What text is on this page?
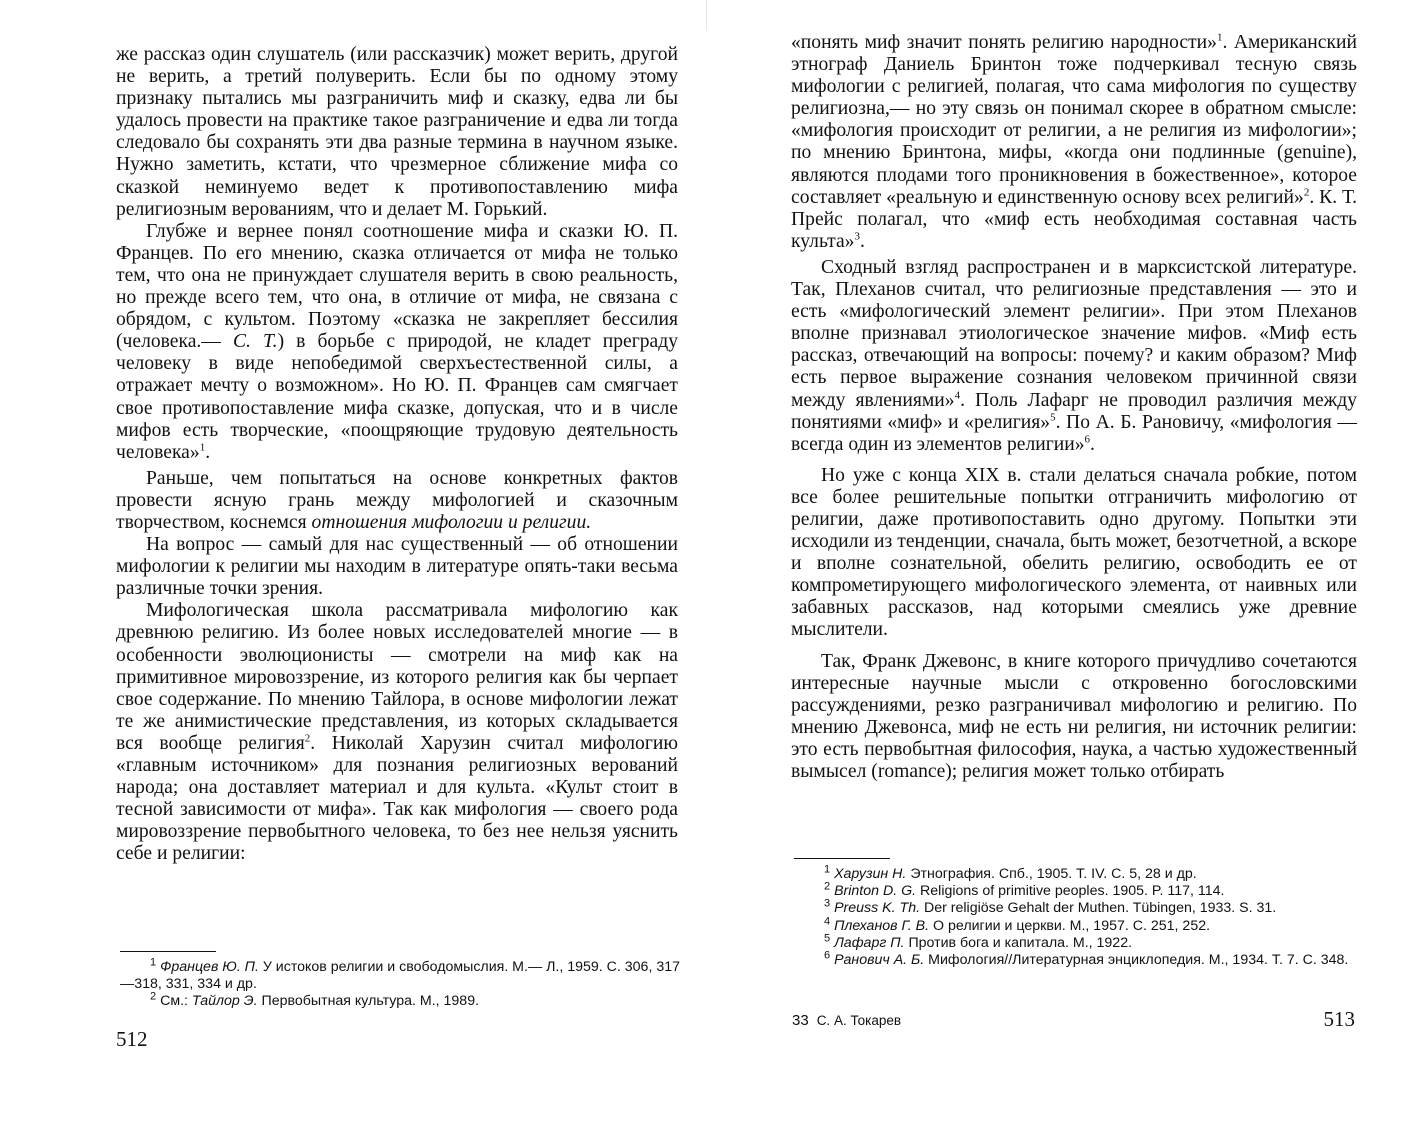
же рассказ один слушатель (или рассказчик) может верить, другой не верить, а третий полуверить. Если бы по одному этому признаку пытались мы разграничить миф и сказку, едва ли бы удалось провести на практике такое разграничение и едва ли тогда следовало бы сохранять эти два разные термина в научном языке. Нужно заметить, кстати, что чрезмерное сближение мифа со сказкой неминуемо ведет к противопоставлению мифа религиозным верованиям, что и делает М. Горький.

Глубже и вернее понял соотношение мифа и сказки Ю. П. Францев. По его мнению, сказка отличается от мифа не только тем, что она не принуждает слушателя верить в свою реальность, но прежде всего тем, что она, в отличие от мифа, не связана с обрядом, с культом. Поэтому «сказка не закрепляет бессилия (человека.— С. Т.) в борьбе с природой, не кладет преграду человеку в виде непобедимой сверхъестественной силы, а отражает мечту о возможном». Но Ю. П. Францев сам смягчает свое противопоставление мифа сказке, допуская, что и в числе мифов есть творческие, «поощряющие трудовую деятельность человека»$^1$.

Раньше, чем попытаться на основе конкретных фактов провести ясную грань между мифологией и сказочным творчеством, коснемся отношения мифологии и религии.

На вопрос — самый для нас существенный — об отношении мифологии к религии мы находим в литературе опять-таки весьма различные точки зрения.

Мифологическая школа рассматривала мифологию как древнюю религию. Из более новых исследователей многие — в особенности эволюционисты — смотрели на миф как на примитивное мировоззрение, из которого религия как бы черпает свое содержание. По мнению Тайлора, в основе мифологии лежат те же анимистические представления, из которых складывается вся вообще религия$^2$. Николай Харузин считал мифологию «главным источником» для познания религиозных верований народа; она доставляет материал и для культа. «Культ стоит в тесной зависимости от мифа». Так как мифология — своего рода мировоззрение первобытного человека, то без нее нельзя уяснить себе и религии:

$^1$ Францев Ю. П. У истоков религии и свободомыслия. М.— Л., 1959. С. 306, 317—318, 331, 334 и др.
$^2$ См.: Тайлор Э. Первобытная культура. М., 1989.
512

«понять миф значит понять религию народности»$^1$. Американский этнограф Даниель Бринтон тоже подчеркивал тесную связь мифологии с религией, полагая, что сама мифология по существу религиозна,— но эту связь он понимал скорее в обратном смысле: «мифология происходит от религии, а не религия из мифологии»; по мнению Бринтона, мифы, «когда они подлинные (genuine), являются плодами того проникновения в божественное», которое составляет «реальную и единственную основу всех религий»$^2$. К. Т. Прейс полагал, что «миф есть необходимая составная часть культа»$^3$.

Сходный взгляд распространен и в марксистской литературе. Так, Плеханов считал, что религиозные представления — это и есть «мифологический элемент религии». При этом Плеханов вполне признавал этиологическое значение мифов. «Миф есть рассказ, отвечающий на вопросы: почему? и каким образом? Миф есть первое выражение сознания человеком причинной связи между явлениями»$^4$. Поль Лафарг не проводил различия между понятиями «миф» и «религия»$^5$. По А. Б. Рановичу, «мифология — всегда один из элементов религии»$^6$.

Но уже с конца XIX в. стали делаться сначала робкие, потом все более решительные попытки отграничить мифологию от религии, даже противопоставить одно другому. Попытки эти исходили из тенденции, сначала, быть может, безотчетной, а вскоре и вполне сознательной, обелить религию, освободить ее от компрометирующего мифологического элемента, от наивных или забавных рассказов, над которыми смеялись уже древние мыслители.

Так, Франк Джевонс, в книге которого причудливо сочетаются интересные научные мысли с откровенно богословскими рассуждениями, резко разграничивал мифологию и религию. По мнению Джевонса, миф не есть ни религия, ни источник религии: это есть первобытная философия, наука, а частью художественный вымысел (romance); религия может только отбирать

$^1$ Харузин Н. Этнография. Спб., 1905. Т. IV. С. 5, 28 и др.
$^2$ Brinton D. G. Religions of primitive peoples. 1905. P. 117, 114.
$^3$ Preuss K. Th. Der religiöse Gehalt der Muthen. Tübingen, 1933. S. 31.
$^4$ Плеханов Г. В. О религии и церкви. М., 1957. С. 251, 252.
$^5$ Лафарг П. Против бога и капитала. М., 1922.
$^6$ Ранович А. Б. Мифология//Литературная энциклопедия. М., 1934. Т. 7. С. 348.
33 С. А. Токарев	513
